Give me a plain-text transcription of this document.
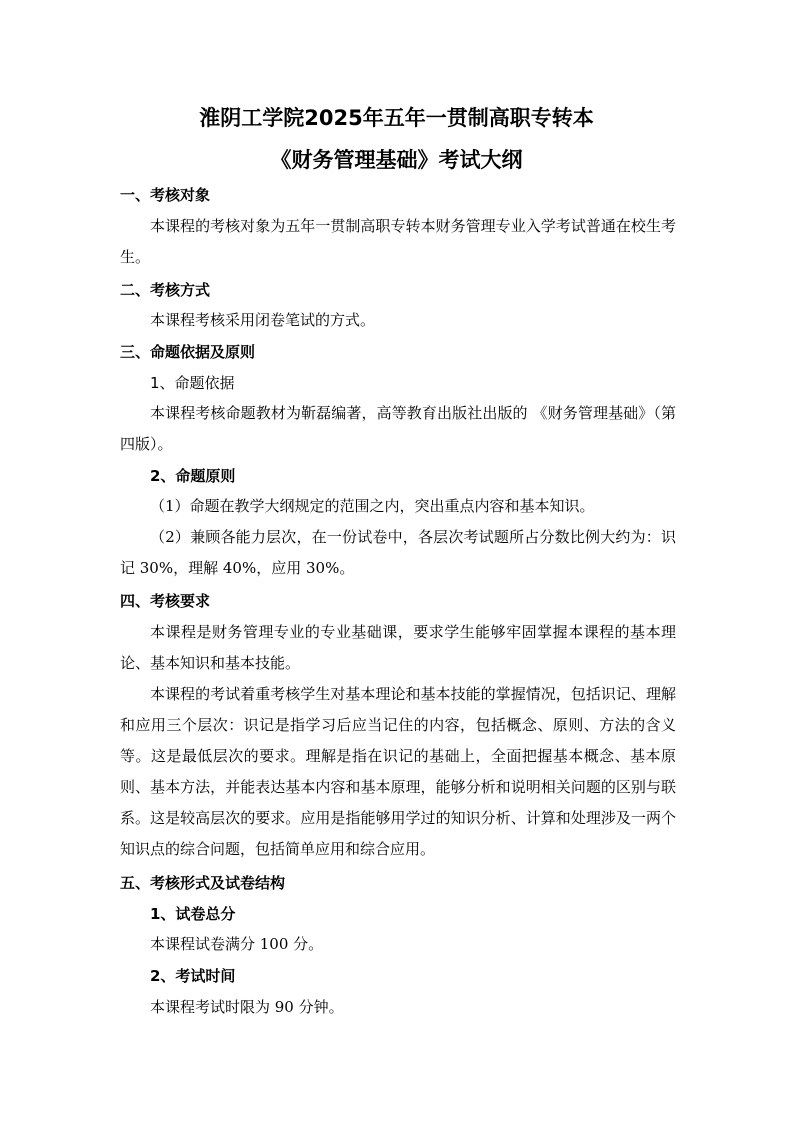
淮阴工学院2025年五年一贯制高职专转本
《财务管理基础》考试大纲
一、考核对象
本课程的考核对象为五年一贯制高职专转本财务管理专业入学考试普通在校生考生。
二、考核方式
本课程考核采用闭卷笔试的方式。
三、命题依据及原则
1、命题依据
本课程考核命题教材为靳磊编著，高等教育出版社出版的 《财务管理基础》（第四版）。
2、命题原则
（1）命题在教学大纲规定的范围之内，突出重点内容和基本知识。
（2）兼顾各能力层次，在一份试卷中，各层次考试题所占分数比例大约为：识记 30%，理解 40%，应用 30%。
四、考核要求
本课程是财务管理专业的专业基础课，要求学生能够牢固掌握本课程的基本理论、基本知识和基本技能。
本课程的考试着重考核学生对基本理论和基本技能的掌握情况，包括识记、理解和应用三个层次：识记是指学习后应当记住的内容，包括概念、原则、方法的含义等。这是最低层次的要求。理解是指在识记的基础上，全面把握基本概念、基本原则、基本方法，并能表达基本内容和基本原理，能够分析和说明相关问题的区别与联系。这是较高层次的要求。应用是指能够用学过的知识分析、计算和处理涉及一两个知识点的综合问题，包括简单应用和综合应用。
五、考核形式及试卷结构
1、试卷总分
本课程试卷满分 100 分。
2、考试时间
本课程考试时限为 90 分钟。
